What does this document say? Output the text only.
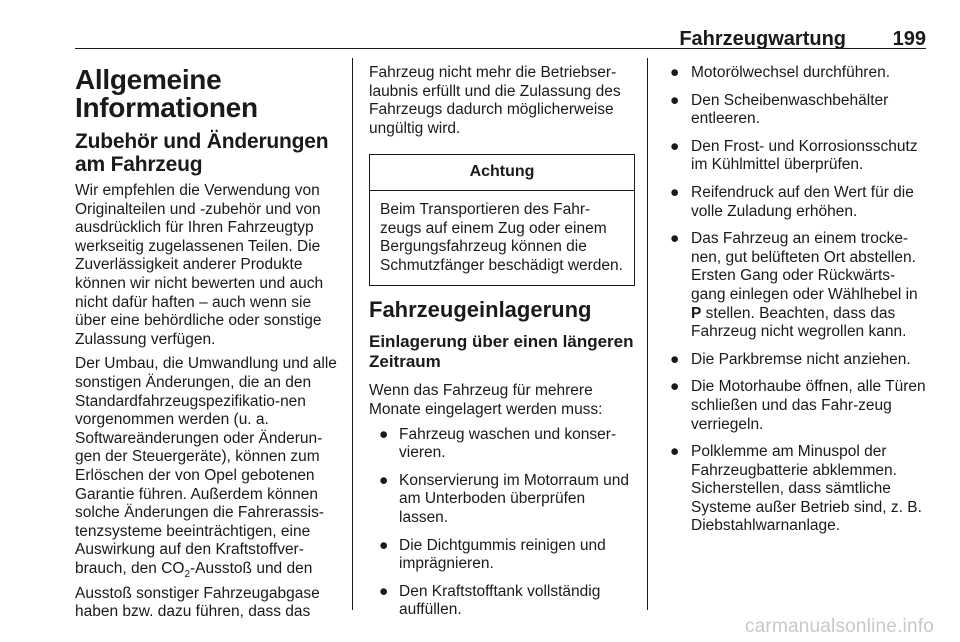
Fahrzeugwartung 199
Allgemeine
Informationen
Zubehör und Änderungen
am Fahrzeug

Wir empfehlen die Verwendung von Originalteilen und -zubehör und von ausdrücklich für Ihren Fahrzeugtyp werkseitig zugelassenen Teilen. Die Zuverlässigkeit anderer Produkte können wir nicht bewerten und auch nicht dafür haften – auch wenn sie über eine behördliche oder sonstige Zulassung verfügen.

Der Umbau, die Umwandlung und alle sonstigen Änderungen, die an den Standardfahrzeugspezifikatio-nen vorgenommen werden (u. a. Softwareänderungen oder Änderun-gen der Steuergeräte), können zum Erlöschen der von Opel gebotenen Garantie führen. Außerdem können solche Änderungen die Fahrerassis-tenzsysteme beeinträchtigen, eine Auswirkung auf den Kraftstoffver-brauch, den $CO_2$-Ausstoß und den Ausstoß sonstiger Fahrzeugabgase haben bzw. dazu führen, dass das

Fahrzeug nicht mehr die Betriebser-laubnis erfüllt und die Zulassung des Fahrzeugs dadurch möglicherweise ungültig wird.

Achtung
Beim Transportieren des Fahr-zeugs auf einem Zug oder einem Bergungsfahrzeug können die Schmutzfänger beschädigt werden.
Fahrzeugeinlagerung
Einlagerung über einen längeren Zeitraum

Wenn das Fahrzeug für mehrere Monate eingelagert werden muss:

● Fahrzeug waschen und konser-vieren.
● Konservierung im Motorraum und am Unterboden überprüfen lassen.
● Die Dichtgummis reinigen und imprägnieren.
● Den Kraftstofftank vollständig auffüllen.
● Motorölwechsel durchführen.
● Den Scheibenwaschbehälter entleeren.
● Den Frost- und Korrosionsschutz im Kühlmittel überprüfen.
● Reifendruck auf den Wert für die volle Zuladung erhöhen.
● Das Fahrzeug an einem trocke-nen, gut belüfteten Ort abstellen. Ersten Gang oder Rückwärts-gang einlegen oder Wählhebel in P stellen. Beachten, dass das Fahrzeug nicht wegrollen kann.
● Die Parkbremse nicht anziehen.
● Die Motorhaube öffnen, alle Türen schließen und das Fahr-zeug verriegeln.
● Polklemme am Minuspol der Fahrzeugbatterie abklemmen. Sicherstellen, dass sämtliche Systeme außer Betrieb sind, z. B. Diebstahlwarnanlage.
carmanualsonline.info
